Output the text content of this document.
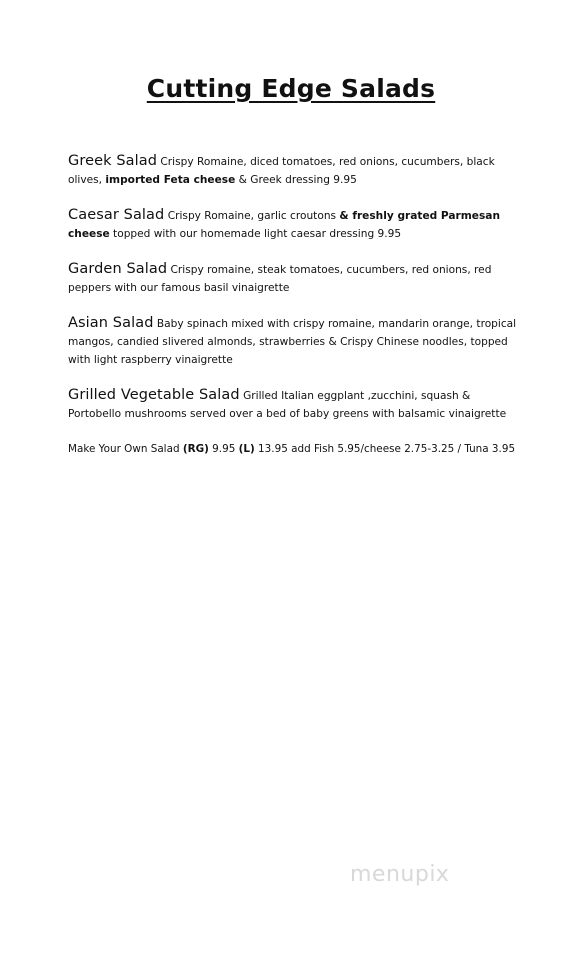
Cutting Edge Salads

Greek Salad Crispy Romaine, diced tomatoes, red onions, cucumbers, black olives, imported Feta cheese & Greek dressing 9.95

Caesar Salad Crispy Romaine, garlic croutons & freshly grated Parmesan cheese topped with our homemade light caesar dressing 9.95

Garden Salad Crispy romaine, steak tomatoes, cucumbers, red onions, red peppers with our famous basil vinaigrette

Asian Salad Baby spinach mixed with crispy romaine, mandarin orange, tropical mangos, candied slivered almonds, strawberries & Crispy Chinese noodles, topped with light raspberry vinaigrette

Grilled Vegetable Salad Grilled Italian eggplant ,zucchini, squash & Portobello mushrooms served over a bed of baby greens with balsamic vinaigrette

Make Your Own Salad (RG) 9.95 (L) 13.95 add Fish 5.95/cheese 2.75-3.25 / Tuna 3.95

menupix
